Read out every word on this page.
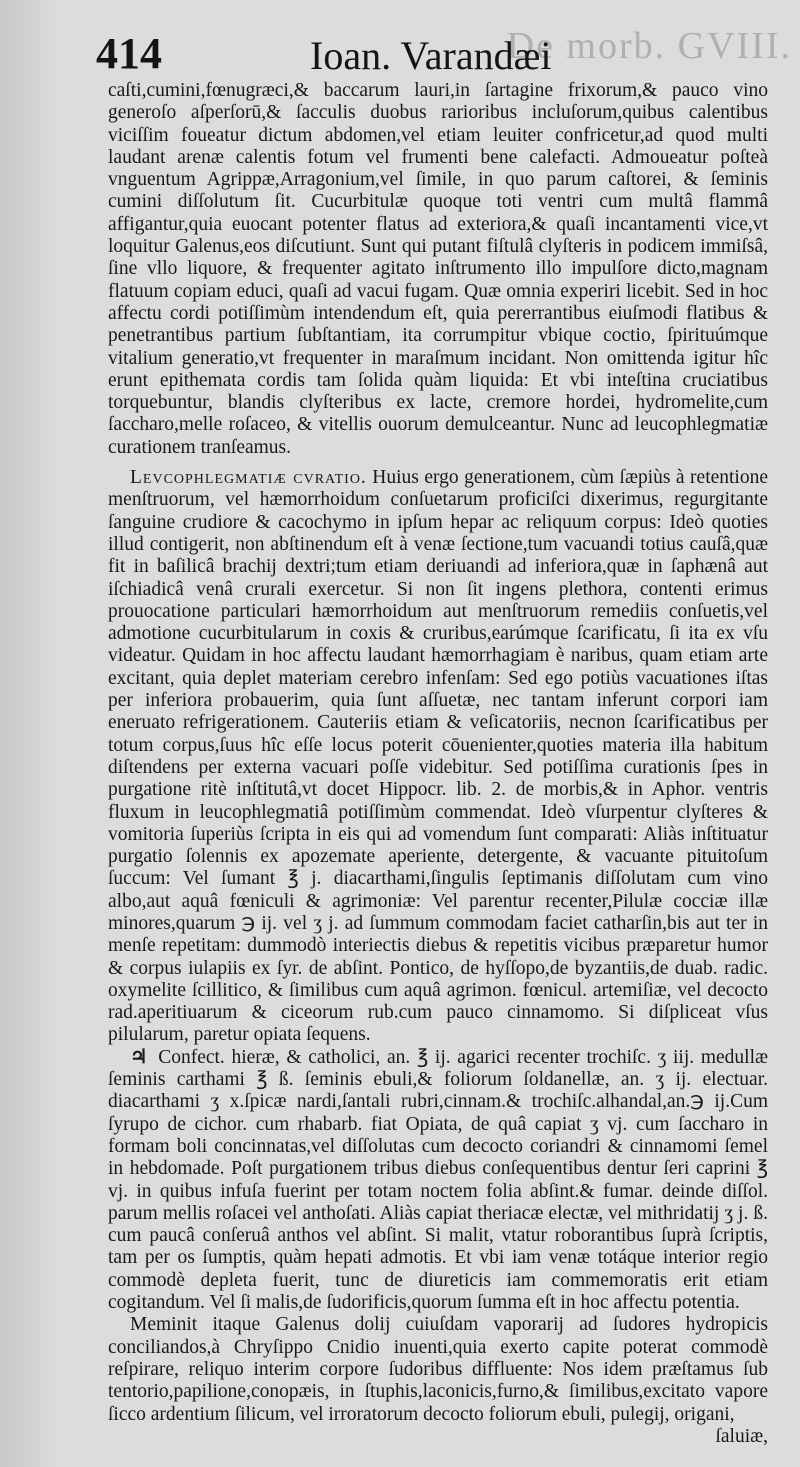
De morb. GVIII.
414	Ioan. Varandæi

caſti,cumini,fœnugræci,& baccarum lauri,in ſartagine frixorum,& pauco vino generoſo aſperſorū,& ſacculis duobus rarioribus incluſorum,quibus calentibus viciſſim foueatur dictum abdomen,vel etiam leuiter confricetur,ad quod multi laudant arenæ calentis fotum vel frumenti bene calefacti. Admoueatur poſteà vnguentum Agrippæ,Arragonium,vel ſimile, in quo parum caſtorei, & ſeminis cumini diſſolutum ſit. Cucurbitulæ quoque toti ventri cum multâ flammâ affigantur,quia euocant potenter flatus ad exteriora,& quaſi incantamenti vice,vt loquitur Galenus,eos diſcutiunt. Sunt qui putant fiſtulâ clyſteris in podicem immiſsâ, ſine vllo liquore, & frequenter agitato inſtrumento illo impulſore dicto,magnam flatuum copiam educi, quaſi ad vacui fugam. Quæ omnia experiri licebit. Sed in hoc affectu cordi potiſſimùm intendendum eſt, quia pererrantibus eiuſmodi flatibus & penetrantibus partium ſubſtantiam, ita corrumpitur vbique coctio, ſpirituúmque vitalium generatio,vt frequenter in maraſmum incidant. Non omittenda igitur hîc erunt epithemata cordis tam ſolida quàm liquida: Et vbi inteſtina cruciatibus torquebuntur, blandis clyſteribus ex lacte, cremore hordei, hydromelite,cum ſaccharo,melle roſaceo, & vitellis ouorum demulceantur. Nunc ad leucophlegmatiæ curationem tranſeamus.

Levcophlegmatiæ cvratio. Huius ergo generationem, cùm ſæpiùs à retentione menſtruorum, vel hæmorrhoidum conſuetarum proficiſci dixerimus, regurgitante ſanguine crudiore & cacochymo in ipſum hepar ac reliquum corpus: Ideò quoties illud contigerit, non abſtinendum eſt à venæ ſectione,tum vacuandi totius cauſâ,quæ fit in baſilicâ brachij dextri;tum etiam deriuandi ad inferiora,quæ in ſaphænâ aut iſchiadicâ venâ crurali exercetur. Si non ſit ingens plethora, contenti erimus prouocatione particulari hæmorrhoidum aut menſtruorum remediis conſuetis,vel admotione cucurbitularum in coxis & cruribus,earúmque ſcarificatu, ſi ita ex vſu videatur. Quidam in hoc affectu laudant hæmorrhagiam è naribus, quam etiam arte excitant, quia deplet materiam cerebro infenſam: Sed ego potiùs vacuationes iſtas per inferiora probauerim, quia ſunt aſſuetæ, nec tantam inferunt corpori iam eneruato refrigerationem. Cauteriis etiam & veſicatoriis, necnon ſcarificatibus per totum corpus,ſuus hîc eſſe locus poterit cōuenienter,quoties materia illa habitum diſtendens per externa vacuari poſſe videbitur. Sed potiſſima curationis ſpes in purgatione ritè inſtitutâ,vt docet Hippocr. lib. 2. de morbis,& in Aphor. ventris fluxum in leucophlegmatiâ potiſſimùm commendat. Ideò vſurpentur clyſteres & vomitoria ſuperiùs ſcripta in eis qui ad vomendum ſunt comparati: Aliàs inſtituatur purgatio ſolennis ex apozemate aperiente, detergente, & vacuante pituitoſum ſuccum: Vel ſumant ℥ j. diacarthami,ſingulis ſeptimanis diſſolutam cum vino albo,aut aquâ fœniculi & agrimoniæ: Vel parentur recenter,Pilulæ cocciæ illæ minores,quarum ℈ ij. vel ʒ j. ad ſummum commodam faciet catharſin,bis aut ter in menſe repetitam: dummodò interiectis diebus & repetitis vicibus præparetur humor & corpus iulapiis ex ſyr. de abſint. Pontico, de hyſſopo,de byzantiis,de duab. radic. oxymelite ſcillitico, & ſimilibus cum aquâ agrimon. fœnicul. artemiſiæ, vel decocto rad.aperitiuarum & ciceorum rub.cum pauco cinnamomo. Si diſpliceat vſus pilularum, paretur opiata ſequens.

♃ Confect. hieræ, & catholici, an. ℥ ij. agarici recenter trochiſc. ʒ iij. medullæ ſeminis carthami ℥ ß. ſeminis ebuli,& foliorum ſoldanellæ, an. ʒ ij. electuar. diacarthami ʒ x.ſpicæ nardi,ſantali rubri,cinnam.& trochiſc.alhandal,an.℈ ij.Cum ſyrupo de cichor. cum rhabarb. fiat Opiata, de quâ capiat ʒ vj. cum ſaccharo in formam boli concinnatas,vel diſſolutas cum decocto coriandri & cinnamomi ſemel in hebdomade. Poſt purgationem tribus diebus conſequentibus dentur ſeri caprini ℥ vj. in quibus infuſa fuerint per totam noctem folia abſint.& fumar. deinde diſſol. parum mellis roſacei vel anthoſati. Aliàs capiat theriacæ electæ, vel mithridatij ʒ j. ß. cum paucâ conſeruâ anthos vel abſint. Si malit, vtatur roborantibus ſuprà ſcriptis, tam per os ſumptis, quàm hepati admotis. Et vbi iam venæ totáque interior regio commodè depleta fuerit, tunc de diureticis iam commemoratis erit etiam cogitandum. Vel ſi malis,de ſudorificis,quorum ſumma eſt in hoc affectu potentia.

Meminit itaque Galenus dolij cuiuſdam vaporarij ad ſudores hydropicis conciliandos,à Chryſippo Cnidio inuenti,quia exerto capite poterat commodè reſpirare, reliquo interim corpore ſudoribus diffluente: Nos idem præſtamus ſub tentorio,papilione,conopæis, in ſtuphis,laconicis,furno,& ſimilibus,excitato vapore ſicco ardentium ſilicum, vel irroratorum decocto foliorum ebuli, pulegij, origani,

ſaluiæ,
